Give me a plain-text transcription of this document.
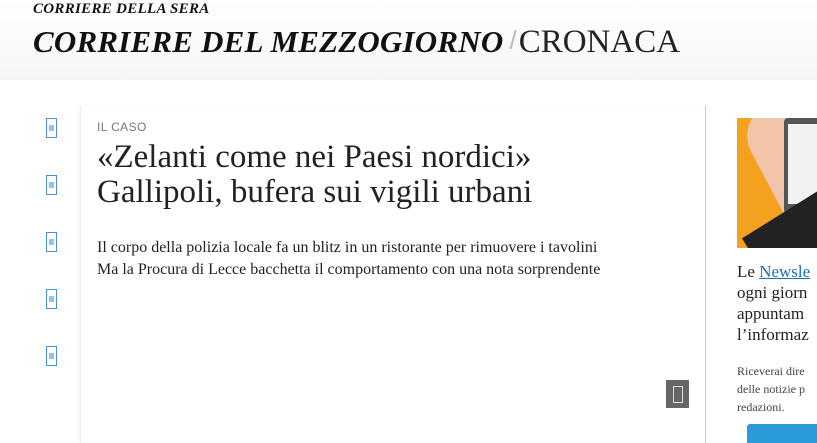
CORRIERE DELLA SERA
CORRIERE DEL MEZZOGIORNO /CRONACA
IL CASO
«Zelanti come nei Paesi nordici»
Gallipoli, bufera sui vigili urbani

Il corpo della polizia locale fa un blitz in un ristorante per rimuovere i tavolini
Ma la Procura di Lecce bacchetta il comportamento con una nota sorprendente	Le Newsle
ogni giorn
appuntam
l’informaz
Riceverai dire
delle notizie p
redazioni.
